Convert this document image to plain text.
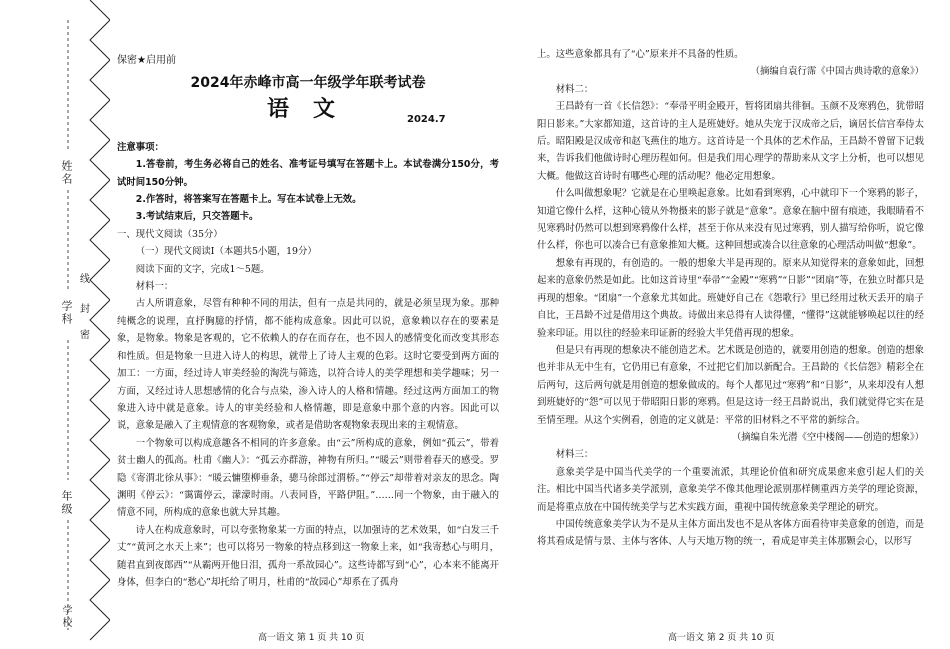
姓名
学科
年级
学校
线
封
密
保密★启用前
2024年赤峰市高一年级学年联考试卷
语文	2024.7

注意事项：

1.答卷前，考生务必将自己的姓名、准考证号填写在答题卡上。本试卷满分150分，考试时间150分钟。

2.作答时，将答案写在答题卡上。写在本试卷上无效。

3.考试结束后，只交答题卡。

一、现代文阅读（35分）

（一）现代文阅读Ⅰ（本题共5小题，19分）

阅读下面的文字，完成1～5题。

材料一：

古人所谓意象，尽管有种种不同的用法，但有一点是共同的，就是必须呈现为象。那种纯概念的说理，直抒胸臆的抒情，都不能构成意象。因此可以说，意象赖以存在的要素是象，是物象。物象是客观的，它不依赖人的存在而存在，也不因人的感情变化而改变其形态和性质。但是物象一旦进入诗人的构思，就带上了诗人主观的色彩。这时它要受到两方面的加工：一方面，经过诗人审美经验的淘洗与筛选，以符合诗人的美学理想和美学趣味；另一方面，又经过诗人思想感情的化合与点染，渗入诗人的人格和情趣。经过这两方面加工的物象进入诗中就是意象。诗人的审美经验和人格情趣，即是意象中那个意的内容。因此可以说，意象是融入了主观情意的客观物象，或者是借助客观物象表现出来的主观情意。

一个物象可以构成意趣各不相同的许多意象。由“云”所构成的意象，例如“孤云”，带着贫士幽人的孤高。杜甫《幽人》：“孤云亦群游，神物有所归。”“暖云”则带着春天的感受。罗隐《寄渭北徐从事》：“暖云慵堕柳垂条，骢马徐郎过渭桥。”“停云”却带着对亲友的思念。陶渊明《停云》：“霭霭停云，濛濛时雨。八表同昏，平路伊阻。”……同一个物象，由于融入的情意不同，所构成的意象也就大异其趣。

诗人在构成意象时，可以夸张物象某一方面的特点，以加强诗的艺术效果，如“白发三千丈”“黄河之水天上来”；也可以将另一物象的特点移到这一物象上来，如“我寄愁心与明月，随君直到夜郎西”“从霸两开他日泪，孤舟一系故园心”。这些诗都写到“心”，心本来不能离开身体，但李白的“愁心”却托给了明月，杜甫的“故园心”却系在了孤舟

高一语文 第 1 页 共 10 页

上。这些意象都具有了“心”原来并不具备的性质。

（摘编自袁行霈《中国古典诗歌的意象》）

材料二：

王昌龄有一首《长信怨》：“奉帚平明金殿开，暂将团扇共徘徊。玉颜不及寒鸦色，犹带昭阳日影来。”大家都知道，这首诗的主人是班婕妤。她从失宠于汉成帝之后，谪居长信宫奉侍太后。昭阳殿是汉成帝和赵飞燕住的地方。这首诗是一个具体的艺术作品，王昌龄不曾留下记载来，告诉我们他做诗时心理历程如何。但是我们用心理学的帮助来从文字上分析，也可以想见大概。他做这首诗时有哪些心理的活动呢？他必定用想象。

什么叫做想象呢？它就是在心里唤起意象。比如看到寒鸦，心中就印下一个寒鸦的影子，知道它像什么样，这种心镜从外物摄来的影子就是“意象”。意象在脑中留有痕迹，我眼睛看不见寒鸦时仍然可以想到寒鸦像什么样，甚至于你从来没有见过寒鸦，别人描写给你听，说它像什么样，你也可以凑合已有意象推知大概。这种回想或凑合以往意象的心理活动叫做“想象”。

想象有再现的，有创造的。一般的想象大半是再现的。原来从知觉得来的意象如此，回想起来的意象仍然是如此。比如这首诗里“奉帚”“金殿”“寒鸦”“日影”“团扇”等，在独立时都只是再现的想象。“团扇”一个意象尤其如此。班婕妤自己在《怨歌行》里已经用过秋天丢开的扇子自比，王昌龄不过是借用这个典故。诗做出来总得有人读得懂，“懂得”这就能够唤起以往的经验来印证。用以往的经验来印证新的经验大半凭借再现的想象。

但是只有再现的想象决不能创造艺术。艺术既是创造的，就要用创造的想象。创造的想象也并非从无中生有，它仍用已有意象，不过把它们加以新配合。王昌龄的《长信怨》精彩全在后两句，这后两句就是用创造的想象做成的。每个人都见过“寒鸦”和“日影”，从来却没有人想到班婕妤的“怨”可以见于带昭阳日影的寒鸦。但是这诗一经王昌龄说出，我们就觉得它实在是至情至理。从这个实例看，创造的定义就是：平常的旧材料之不平常的新综合。

（摘编自朱光潜《空中楼阁——创造的想象》）

材料三：

意象美学是中国当代美学的一个重要流派，其理论价值和研究成果愈来愈引起人们的关注。相比中国当代诸多美学派别，意象美学不像其他理论派别那样侧重西方美学的理论资源，而是将重点放在中国传统美学与艺术实践方面，重视中国传统意象美学理论的研究。

中国传统意象美学认为不是从主体方面出发也不是从客体方面看待审美意象的创造，而是将其看成是情与景、主体与客体、人与天地万物的统一，看成是审美主体那颗会心，以形写

高一语文 第 2 页 共 10 页
